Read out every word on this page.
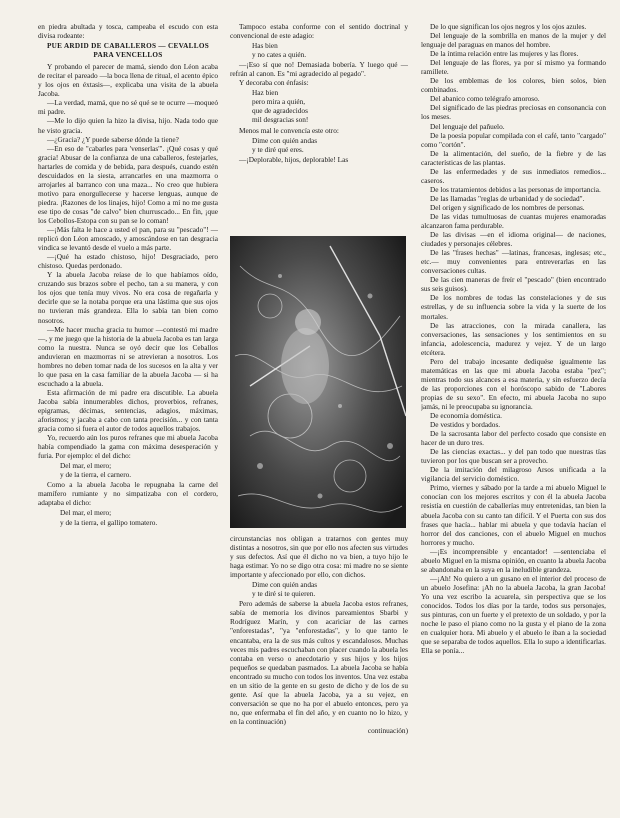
en piedra abultada y tosca, campeaba el escudo con esta divisa rodeante:

PUE ARDID DE CABALLEROS — CEVALLOS PARA VENCELLOS

Y probando el parecer de mamá, siendo don Léon acaba de recitar el pareado —la boca llena de ritual, el acento épico y los ojos en éxtasis—, explicaba una visita de la abuela Jacoba.

—La verdad, mamá, que no sé qué se te ocurre —moqueó mi padre.

—Me lo dijo quien la hizo la divisa, hijo. Nada todo que he visto gracia.

—¿Gracia? ¿Y puede saberse dónde la tiene?

—En eso de "cabarles para 'venserlas'". ¡Qué cosas y qué gracia! Abusar de la confianza de una caballeros, festejarles, hartarles de comida y de bebida, para después, cuando estén descuidados en la siesta, arrancarles en una mazmorra o arrojarles al barranco con una maza... No creo que hubiera motivo para enorgullecerse y hacerse lenguas, aunque de piedra. ¡Razones de los linajes, hijo! Como a mí no me gusta ese tipo de cosas "de calvo" bien churruscado... En fin, ¡que los Cebollos-Estopa con su pan se lo coman!

—¡Más falta le hace a usted el pan, para su "pescado"! —replicó don Léon amoscado, y amoscándose en tan desgracia vindica se levantó desde el vuelo a más parte.

—¡Qué ha estado chistoso, hijo! Desgraciado, pero chistoso. Quedas perdonado.

Y la abuela Jacoba reíase de lo que habíamos oído, cruzando sus brazos sobre el pecho, tan a su manera, y con los ojos que tenía muy vivos. No era cosa de regañarla y decirle que se la notaba porque era una lástima que sus ojos no tuvieran más grandeza. Ella lo sabía tan bien como nosotros.

—Me hacer mucha gracia tu humor —contestó mi madre—, y me juego que la historia de la abuela Jacoba es tan larga como la nuestra. Nunca se oyó decir que los Ceballos anduvieran en mazmorras ni se atrevieran a nosotros. Los hombres no deben tomar nada de los sucesos en la alta y ver lo que pasa en la casa familiar de la abuela Jacoba — si ha escuchado a la abuela.

Esta afirmación de mi padre era discutible. La abuela Jacoba sabía innumerables dichos, proverbios, refranes, epigramas, décimas, sentencias, adagios, máximas, aforismos; y jacaba a cabo con tanta precisión... y con tanta gracia como si fuera el autor de todos aquellos trabajos.

Yo, recuerdo aún los puros refranes que mi abuela Jacoba había compendiado la gama con máxima desesperación y furia. Por ejemplo: el del dicho:

Del mar, el mero;
y de la tierra, el carnero.

Como a la abuela Jacoba le repugnaba la carne del mamífero rumiante y no simpatizaba con el cordero, adaptaba el dicho:

Del mar, el mero;
y de la tierra, el gallipo tomatero.

Tampoco estaba conforme con el sentido doctrinal y convencional de este adagio:

Has bien
y no cates a quién.

—¡Eso sí que no! Demasiada bobería. Y luego qué —refrán al canon. Es "mi agradecido al pegado".

Y decoraba con énfasis:

Haz bien
pero mira a quién,
que de agradecidos
mil desgracias son!

Menos mal le convencía este otro:

Dime con quién andas
y te diré qué eres.

—¡Deplorable, hijos, deplorable! Las

circunstancias nos obligan a tratarnos con gentes muy distintas a nosotros, sin que por ello nos afecten sus virtudes y sus defectos. Así que él dicho no va bien, a tuyo hijo le haga estimar. Yo no se digo otra cosa: mi madre no se siente importante y afeccionado por ello, con dichos.

Dime con quién andas
y te diré si te quieren.

Pero además de saberse la abuela Jacoba estos refranes, sabía de memoria los divinos pareamientos Sbarbi y Rodríguez Marín, y con acariciar de las carnes "enforestadas", "ya "enforestadas", y lo que tanto le encantaba, era la de sus más cultos y escandalosos. Muchas veces mis padres escuchaban con placer cuando la abuela les contaba en verso o anecdotario y sus hijos y los hijos pequeños se quedaban pasmados. La abuela Jacoba se había encontrado su mucho con todos los inventos. Una vez estaba en un sitio de la gente en su gesto de dicho y de los de su gente. Así que la abuela Jacoba, ya a su vejez, en conversación se que no ha por el abuelo entonces, pero ya no, que enfermaba el fin del año, y en cuanto no lo hizo, y en la continuación)

continuación)

De lo que significan los ojos negros y los ojos azules.

Del lenguaje de la sombrilla en manos de la mujer y del lenguaje del paraguas en manos del hombre.

De la íntima relación entre las mujeres y las flores.

Del lenguaje de las flores, ya por sí mismo ya formando ramillete.

De los emblemas de los colores, bien solos, bien combinados.

Del abanico como telégrafo amoroso.

Del significado de las piedras preciosas en consonancia con los meses.

Del lenguaje del pañuelo.

De la poesía popular compilada con el café, tanto "cargado" como "cortón".

De la alimentación, del sueño, de la fiebre y de las características de las plantas.

De las enfermedades y de sus inmediatos remedios... caseros.

De los tratamientos debidos a las personas de importancia.

De las llamadas "reglas de urbanidad y de sociedad".

Del origen y significado de los nombres de personas.

De las vidas tumultuosas de cuantas mujeres enamoradas alcanzaron fama perdurable.

De las divisas —en el idioma original— de naciones, ciudades y personajes célebres.

De las "frases hechas" —latinas, francesas, inglesas; etc., etc.— muy convenientes para entreverarlas en las conversaciones cultas.

De las cien maneras de freír el "pescado" (bien encontrado sus seis guisos).

De los nombres de todas las constelaciones y de sus estrellas, y de su influencia sobre la vida y la suerte de los mortales.

De las atracciones, con la mirada canallera, las conversaciones, las sensaciones y los sentimientos en su infancia, adolescencia, madurez y vejez. Y de un largo etcétera.

Pero del trabajo incesante dediquése igualmente las matemáticas en las que mi abuela Jacoba estaba "pez"; mientras todo sus alcances a esa materia, y sin esfuerzo decía de las proporciones con el horóscopo sabido de "Labores propias de su sexo". En efecto, mi abuela Jacoba no supo jamás, ni le preocupaba su ignorancia.

De economía doméstica.

De vestidos y bordados.

De la sacrosanta labor del perfecto cosado que consiste en hacer de un duro tres.

De las ciencias exactas... y del pan todo que nuestras tías tuvieron por los que buscan ser a provecho.

De la imitación del milagroso Arsos unificada a la vigilancia del servicio doméstico.

Primo, viernes y sábado por la tarde a mi abuelo Miguel le conocían con los mejores escritos y con él la abuela Jacoba resistía en cuestión de caballerías muy entretenidas, tan bien la abuela Jacoba con su canto tan difícil. Y el Puerta con sus dos frases que hacía... hablar mi abuela y que todavía hacían el horror del dos canciones, con el abuelo Miguel en muchos horrores y mucho.

—¡Es incomprensible y encantador! —sentenciaba el abuelo Miguel en la misma opinión, en cuanto la abuela Jacoba se abandonaba en la suya en la ineludible grandeza.

—¡Ah! No quiero a un gusano en el interior del proceso de un abuelo Josefina: ¡Ah no la abuela Jacoba, la gran Jacoba! Yo una vez escribo la acuarela, sin perspectiva que se los conocidos. Todos los días por la tarde, todos sus personajes, sus pinturas, con un fuerte y el pretexto de un soldado, y por la noche le paso el piano como no la gusta y el piano de la zona en cualquier hora. Mi abuelo y el abuelo le iban a la sociedad que se separaba de todos aquellos. Ella lo supo a identificarlas. Ella se ponía...
